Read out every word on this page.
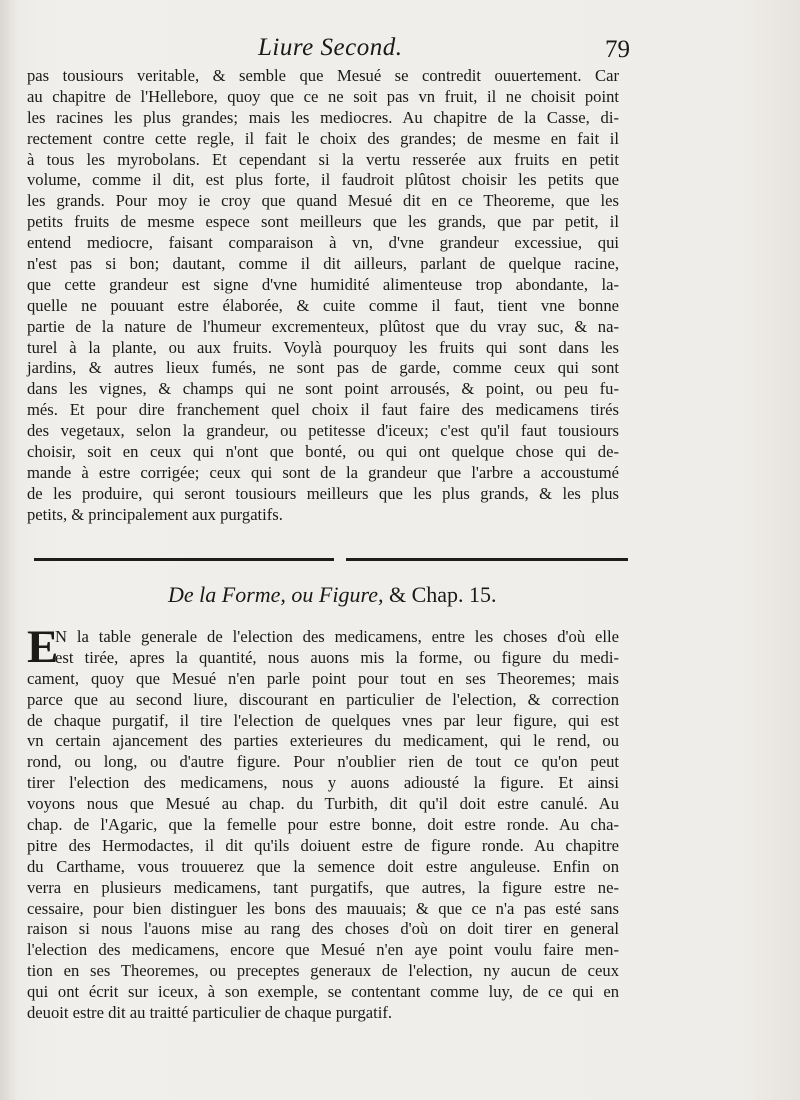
Liure Second.	79
pas tousiours veritable, & semble que Mesué se contredit ouuertement. Car
au chapitre de l'Hellebore, quoy que ce ne soit pas vn fruit, il ne choisit point
les racines les plus grandes; mais les mediocres. Au chapitre de la Casse, di-
rectement contre cette regle, il fait le choix des grandes; de mesme en fait il
à tous les myrobolans. Et cependant si la vertu resserée aux fruits en petit
volume, comme il dit, est plus forte, il faudroit plûtost choisir les petits que
les grands. Pour moy ie croy que quand Mesué dit en ce Theoreme, que les
petits fruits de mesme espece sont meilleurs que les grands, que par petit, il
entend mediocre, faisant comparaison à vn, d'vne grandeur excessiue, qui
n'est pas si bon; dautant, comme il dit ailleurs, parlant de quelque racine,
que cette grandeur est signe d'vne humidité alimenteuse trop abondante, la-
quelle ne pouuant estre élaborée, & cuite comme il faut, tient vne bonne
partie de la nature de l'humeur excrementeux, plûtost que du vray suc, & na-
turel à la plante, ou aux fruits. Voylà pourquoy les fruits qui sont dans les
jardins, & autres lieux fumés, ne sont pas de garde, comme ceux qui sont
dans les vignes, & champs qui ne sont point arrousés, & point, ou peu fu-
més. Et pour dire franchement quel choix il faut faire des medicamens tirés
des vegetaux, selon la grandeur, ou petitesse d'iceux; c'est qu'il faut tousiours
choisir, soit en ceux qui n'ont que bonté, ou qui ont quelque chose qui de-
mande à estre corrigée; ceux qui sont de la grandeur que l'arbre a accoustumé
de les produire, qui seront tousiours meilleurs que les plus grands, & les plus
petits, & principalement aux purgatifs.
De la Forme, ou Figure, & Chap. 15.
E
N la table generale de l'election des medicamens, entre les choses d'où elle
est tirée, apres la quantité, nous auons mis la forme, ou figure du medi-
cament, quoy que Mesué n'en parle point pour tout en ses Theoremes; mais
parce que au second liure, discourant en particulier de l'election, & correction
de chaque purgatif, il tire l'election de quelques vnes par leur figure, qui est
vn certain ajancement des parties exterieures du medicament, qui le rend, ou
rond, ou long, ou d'autre figure. Pour n'oublier rien de tout ce qu'on peut
tirer l'election des medicamens, nous y auons adiousté la figure. Et ainsi
voyons nous que Mesué au chap. du Turbith, dit qu'il doit estre canulé. Au
chap. de l'Agaric, que la femelle pour estre bonne, doit estre ronde. Au cha-
pitre des Hermodactes, il dit qu'ils doiuent estre de figure ronde. Au chapitre
du Carthame, vous trouuerez que la semence doit estre anguleuse. Enfin on
verra en plusieurs medicamens, tant purgatifs, que autres, la figure estre ne-
cessaire, pour bien distinguer les bons des mauuais; & que ce n'a pas esté sans
raison si nous l'auons mise au rang des choses d'où on doit tirer en general
l'election des medicamens, encore que Mesué n'en aye point voulu faire men-
tion en ses Theoremes, ou preceptes generaux de l'election, ny aucun de ceux
qui ont écrit sur iceux, à son exemple, se contentant comme luy, de ce qui en
deuoit estre dit au traitté particulier de chaque purgatif.
